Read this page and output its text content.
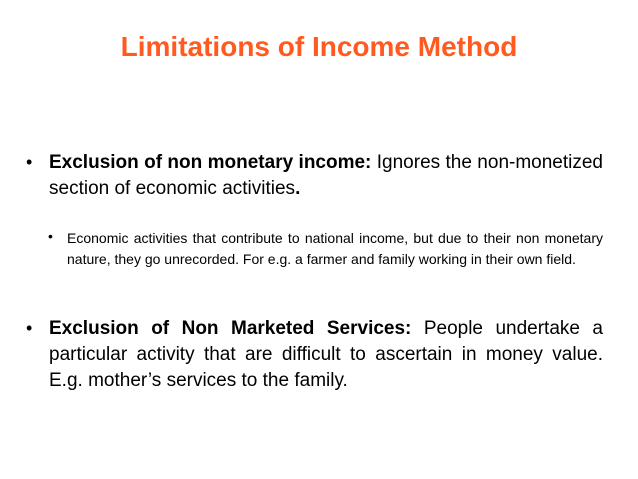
Limitations of Income Method
• Exclusion of non monetary income: Ignores the non-monetized section of economic activities.
• Economic activities that contribute to national income, but due to their non monetary nature, they go unrecorded. For e.g. a farmer and family working in their own field.
• Exclusion of Non Marketed Services: People undertake a particular activity that are difficult to ascertain in money value. E.g. mother’s services to the family.
